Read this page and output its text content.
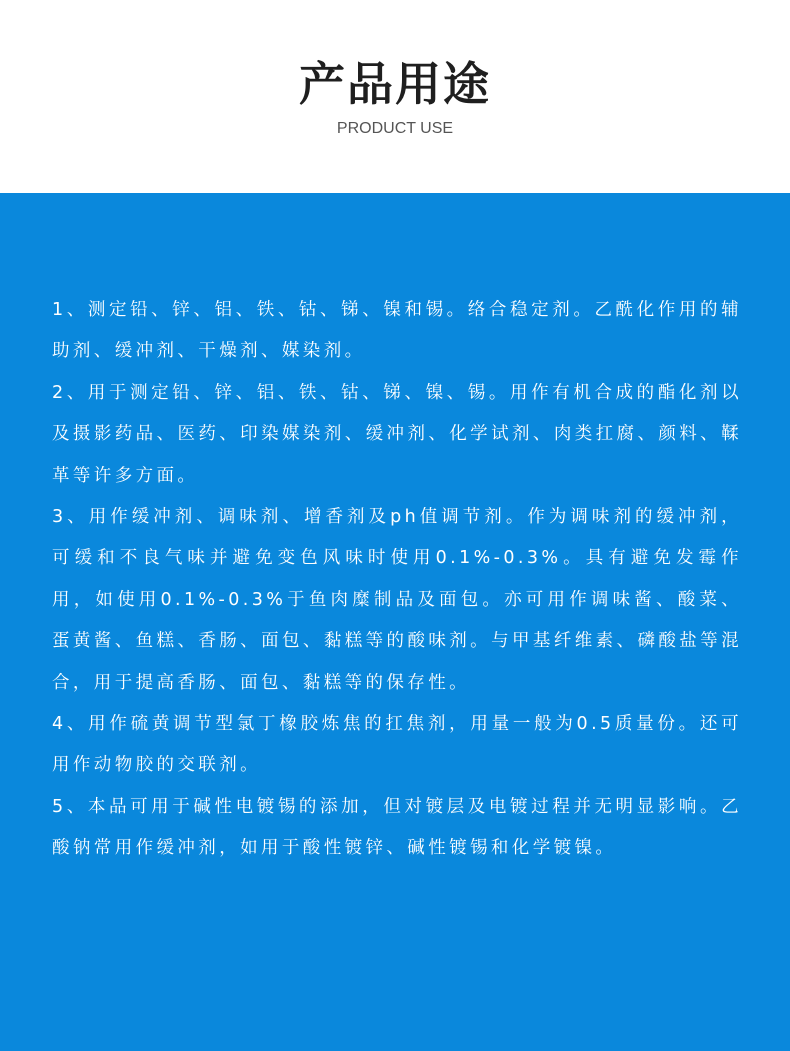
产品用途
PRODUCT USE

1、测定铅、锌、铝、铁、钴、锑、镍和锡。络合稳定剂。乙酰化作用的辅助剂、缓冲剂、干燥剂、媒染剂。

2、用于测定铅、锌、铝、铁、钴、锑、镍、锡。用作有机合成的酯化剂以及摄影药品、医药、印染媒染剂、缓冲剂、化学试剂、肉类扛腐、颜料、鞣革等许多方面。

3、用作缓冲剂、调味剂、增香剂及ph值调节剂。作为调味剂的缓冲剂，可缓和不良气味并避免变色风味时使用0.1%-0.3%。具有避免发霉作用，如使用0.1%-0.3%于鱼肉糜制品及面包。亦可用作调味酱、酸菜、蛋黄酱、鱼糕、香肠、面包、黏糕等的酸味剂。与甲基纤维素、磷酸盐等混合，用于提高香肠、面包、黏糕等的保存性。

4、用作硫黄调节型氯丁橡胶炼焦的扛焦剂，用量一般为0.5质量份。还可用作动物胶的交联剂。

5、本品可用于碱性电镀锡的添加，但对镀层及电镀过程并无明显影响。乙酸钠常用作缓冲剂，如用于酸性镀锌、碱性镀锡和化学镀镍。
